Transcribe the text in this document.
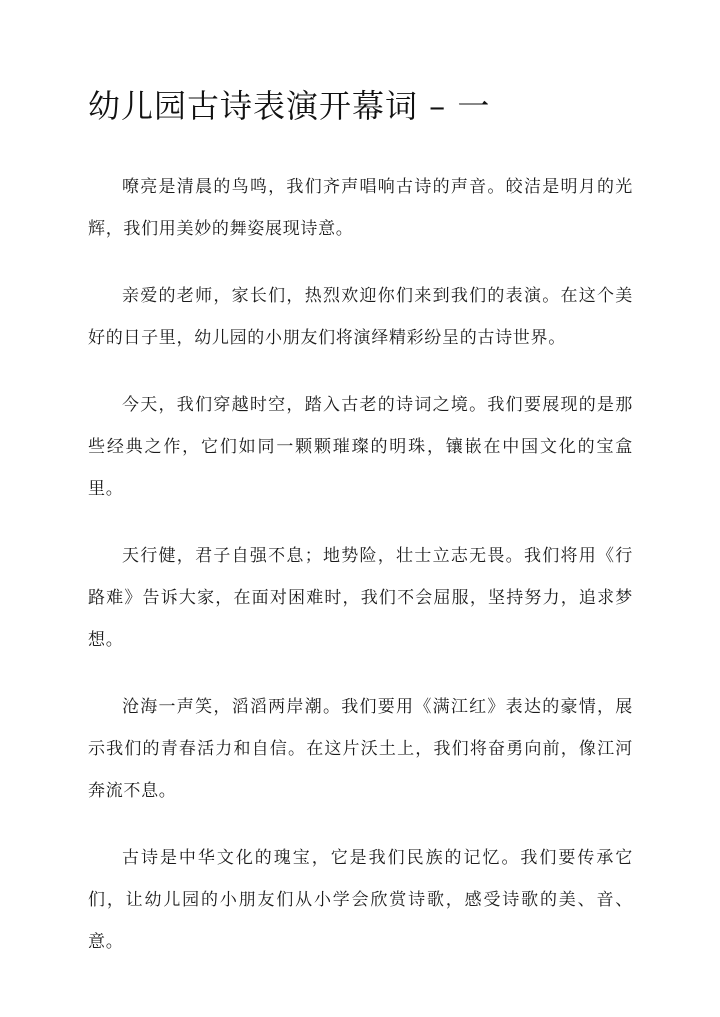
幼儿园古诗表演开幕词 – 一

嘹亮是清晨的鸟鸣，我们齐声唱响古诗的声音。皎洁是明月的光辉，我们用美妙的舞姿展现诗意。

亲爱的老师，家长们，热烈欢迎你们来到我们的表演。在这个美好的日子里，幼儿园的小朋友们将演绎精彩纷呈的古诗世界。

今天，我们穿越时空，踏入古老的诗词之境。我们要展现的是那些经典之作，它们如同一颗颗璀璨的明珠，镶嵌在中国文化的宝盒里。

天行健，君子自强不息；地势险，壮士立志无畏。我们将用《行路难》告诉大家，在面对困难时，我们不会屈服，坚持努力，追求梦想。

沧海一声笑，滔滔两岸潮。我们要用《满江红》表达的豪情，展示我们的青春活力和自信。在这片沃土上，我们将奋勇向前，像江河奔流不息。

古诗是中华文化的瑰宝，它是我们民族的记忆。我们要传承它们，让幼儿园的小朋友们从小学会欣赏诗歌，感受诗歌的美、音、意。
